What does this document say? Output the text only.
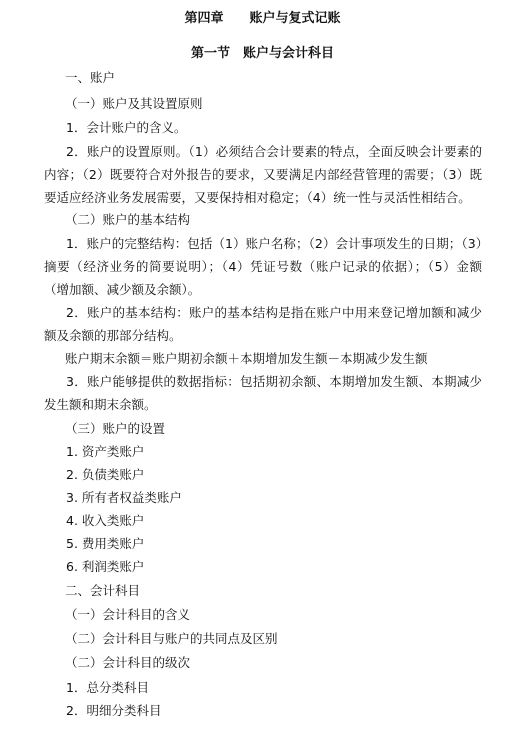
第四章　　账户与复式记账
第一节　账户与会计科目
一、账户
（一）账户及其设置原则
1．会计账户的含义。
2．账户的设置原则。（1）必须结合会计要素的特点，全面反映会计要素的内容；（2）既要符合对外报告的要求，又要满足内部经营管理的需要；（3）既要适应经济业务发展需要，又要保持相对稳定；（4）统一性与灵活性相结合。
（二）账户的基本结构
1．账户的完整结构：包括（1）账户名称；（2）会计事项发生的日期；（3）摘要（经济业务的简要说明）；（4）凭证号数（账户记录的依据）；（5）金额（增加额、减少额及余额）。
2．账户的基本结构：账户的基本结构是指在账户中用来登记增加额和减少额及余额的那部分结构。
账户期末余额＝账户期初余额＋本期增加发生额－本期减少发生额
3．账户能够提供的数据指标：包括期初余额、本期增加发生额、本期减少发生额和期末余额。
（三）账户的设置
1. 资产类账户
2. 负债类账户
3. 所有者权益类账户
4. 收入类账户
5. 费用类账户
6. 利润类账户
二、会计科目
（一）会计科目的含义
（二）会计科目与账户的共同点及区别
（二）会计科目的级次
1．总分类科目
2．明细分类科目
